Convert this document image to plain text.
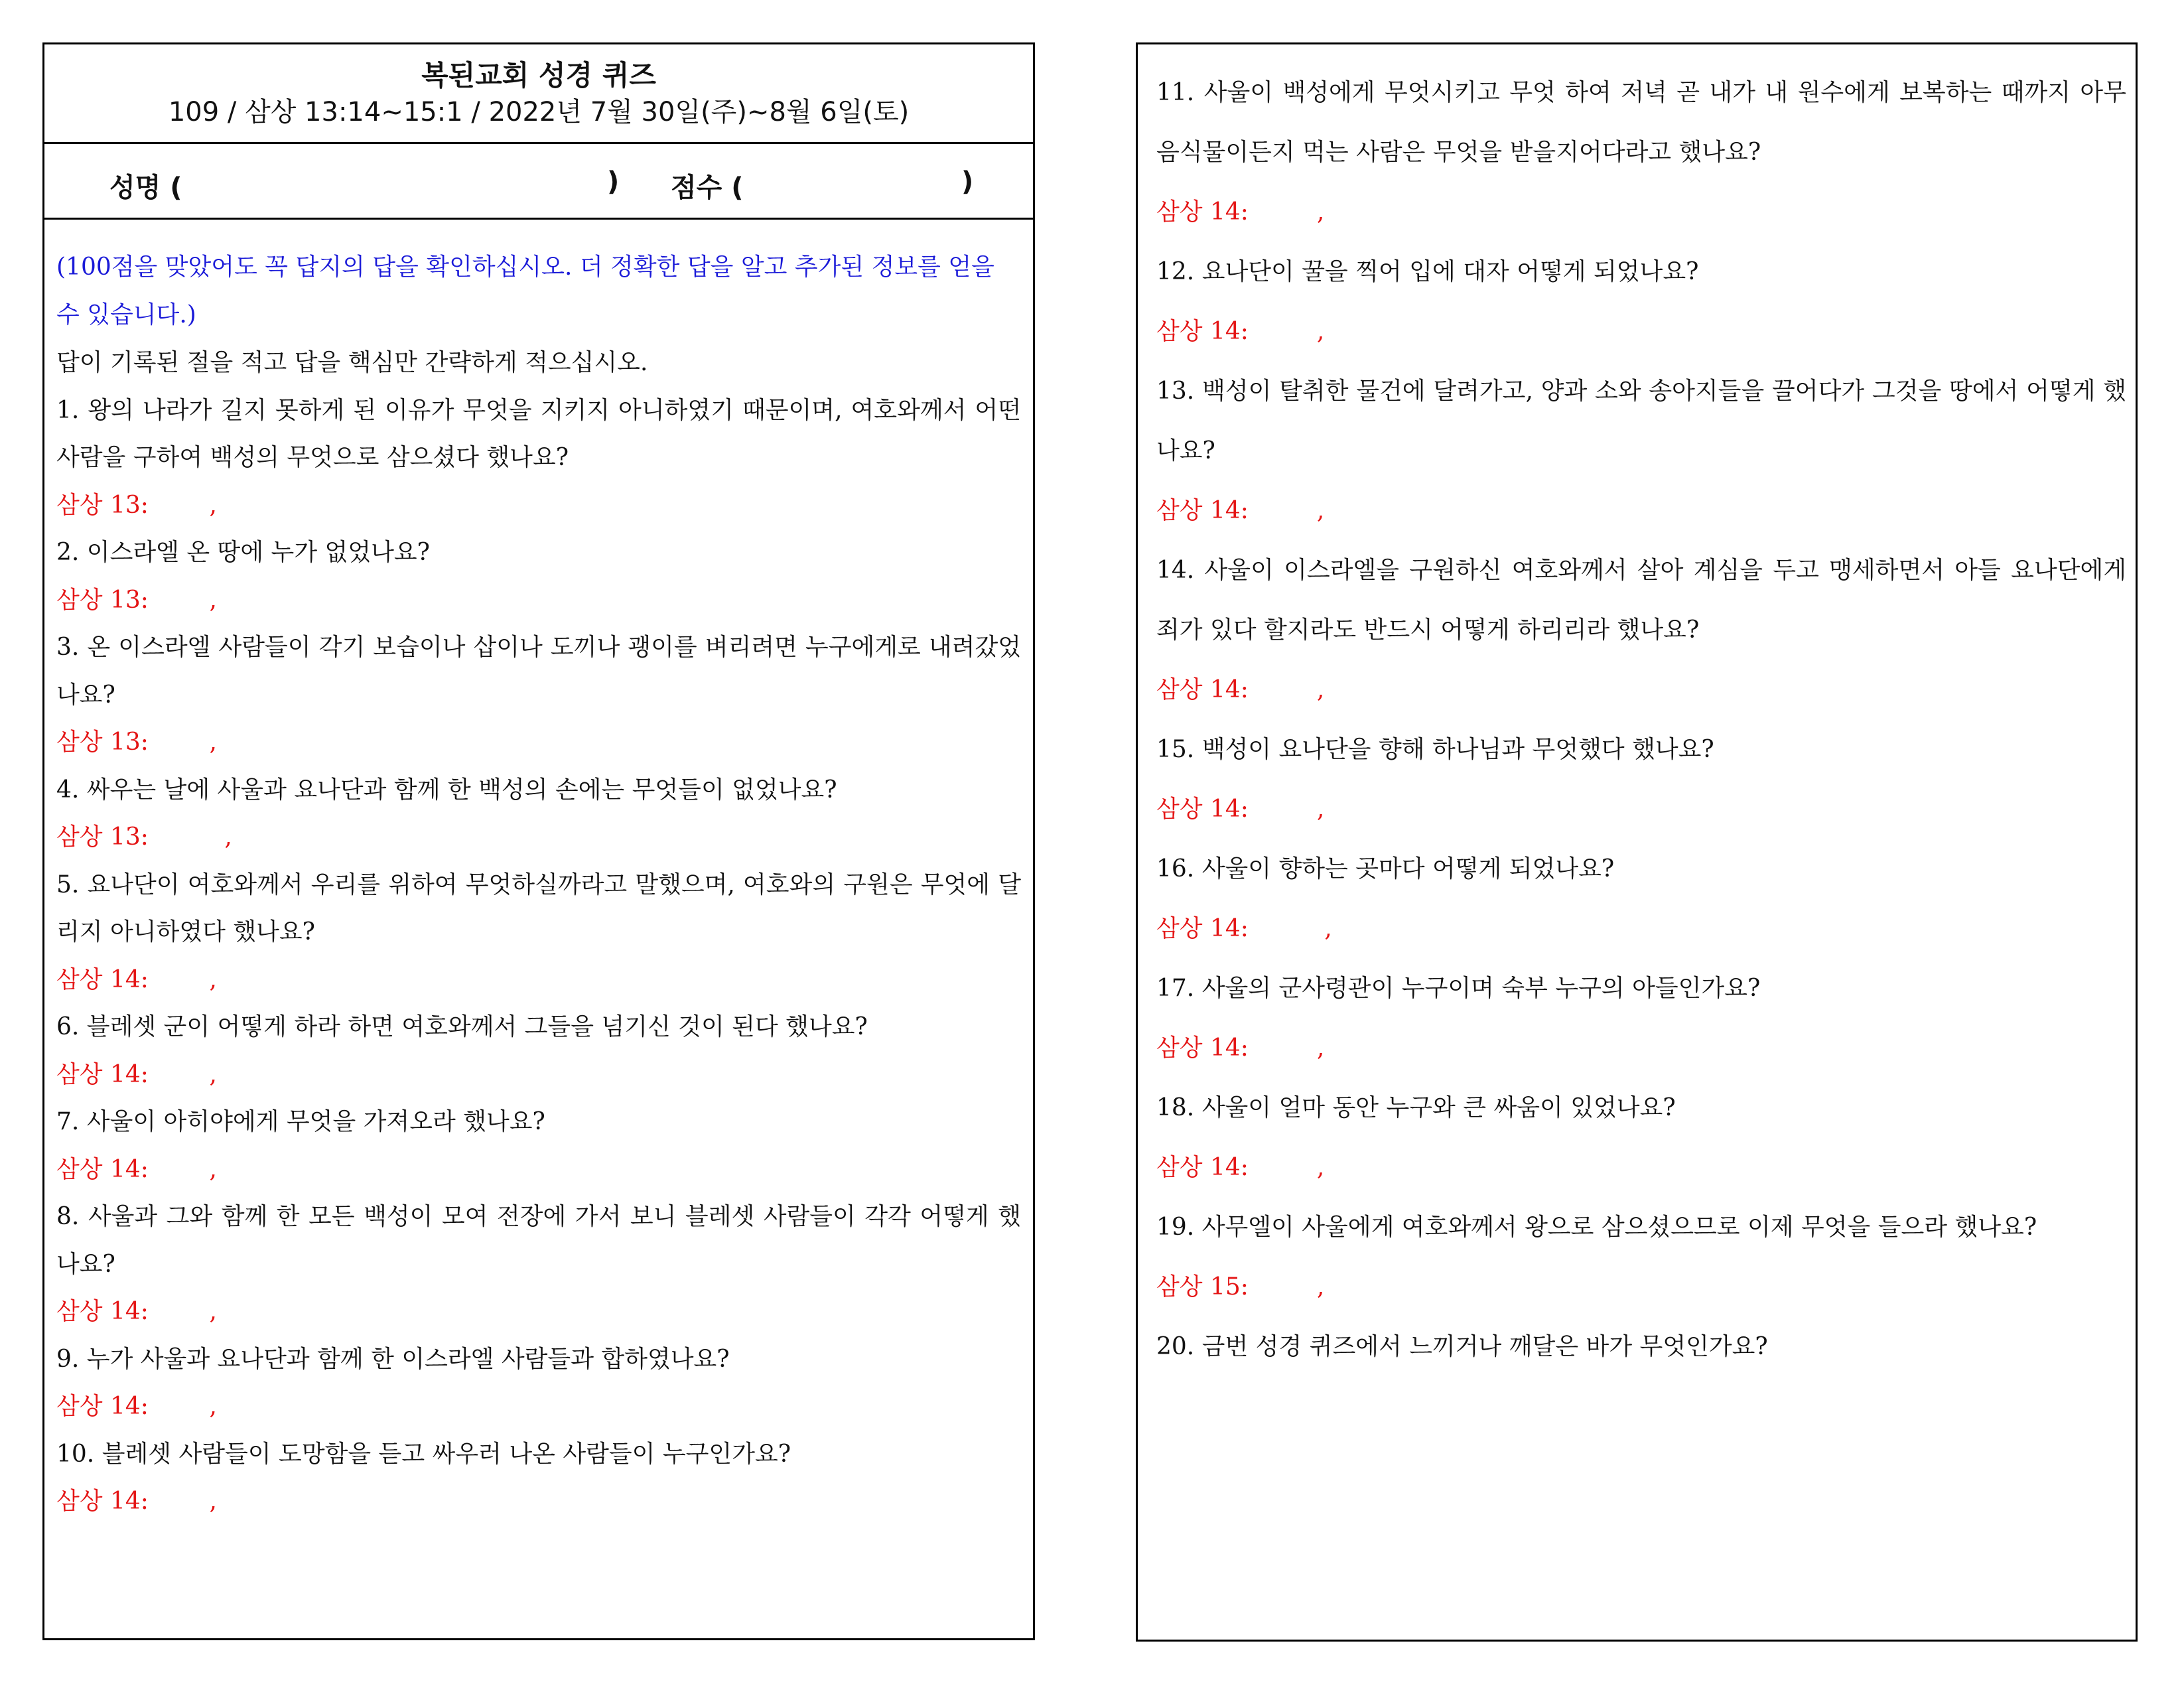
복된교회 성경 퀴즈
109 / 삼상 13:14~15:1 / 2022년 7월 30일(주)~8월 6일(토)
성명 (	) 점수 (	)
(100점을 맞았어도 꼭 답지의 답을 확인하십시오. 더 정확한 답을 알고 추가된 정보를 얻을 수 있습니다.)
답이 기록된 절을 적고 답을 핵심만 간략하게 적으십시오.
1. 왕의 나라가 길지 못하게 된 이유가 무엇을 지키지 아니하였기 때문이며, 여호와께서 어떤 사람을 구하여 백성의 무엇으로 삼으셨다 했나요?
삼상 13:        ,
2. 이스라엘 온 땅에 누가 없었나요?
삼상 13:        ,
3. 온 이스라엘 사람들이 각기 보습이나 삽이나 도끼나 괭이를 벼리려면 누구에게로 내려갔었나요?
삼상 13:        ,
4. 싸우는 날에 사울과 요나단과 함께 한 백성의 손에는 무엇들이 없었나요?
삼상 13:          ,
5. 요나단이 여호와께서 우리를 위하여 무엇하실까라고 말했으며, 여호와의 구원은 무엇에 달리지 아니하였다 했나요?
삼상 14:        ,
6. 블레셋 군이 어떻게 하라 하면 여호와께서 그들을 넘기신 것이 된다 했나요?
삼상 14:        ,
7. 사울이 아히야에게 무엇을 가져오라 했나요?
삼상 14:        ,
8. 사울과 그와 함께 한 모든 백성이 모여 전장에 가서 보니 블레셋 사람들이 각각 어떻게 했나요?
삼상 14:        ,
9. 누가 사울과 요나단과 함께 한 이스라엘 사람들과 합하였나요?
삼상 14:        ,
10. 블레셋 사람들이 도망함을 듣고 싸우러 나온 사람들이 누구인가요?
삼상 14:        ,
11. 사울이 백성에게 무엇시키고 무엇 하여 저녁 곧 내가 내 원수에게 보복하는 때까지 아무 음식물이든지 먹는 사람은 무엇을 받을지어다라고 했나요?
삼상 14:         ,
12. 요나단이 꿀을 찍어 입에 대자 어떻게 되었나요?
삼상 14:         ,
13. 백성이 탈취한 물건에 달려가고, 양과 소와 송아지들을 끌어다가 그것을 땅에서 어떻게 했나요?
삼상 14:         ,
14. 사울이 이스라엘을 구원하신 여호와께서 살아 계심을 두고 맹세하면서 아들 요나단에게 죄가 있다 할지라도 반드시 어떻게 하리리라 했나요?
삼상 14:         ,
15. 백성이 요나단을 향해 하나님과 무엇했다 했나요?
삼상 14:         ,
16. 사울이 향하는 곳마다 어떻게 되었나요?
삼상 14:          ,
17. 사울의 군사령관이 누구이며 숙부 누구의 아들인가요?
삼상 14:         ,
18. 사울이 얼마 동안 누구와 큰 싸움이 있었나요?
삼상 14:         ,
19. 사무엘이 사울에게 여호와께서 왕으로 삼으셨으므로 이제 무엇을 들으라 했나요?
삼상 15:         ,
20. 금번 성경 퀴즈에서 느끼거나 깨달은 바가 무엇인가요?
